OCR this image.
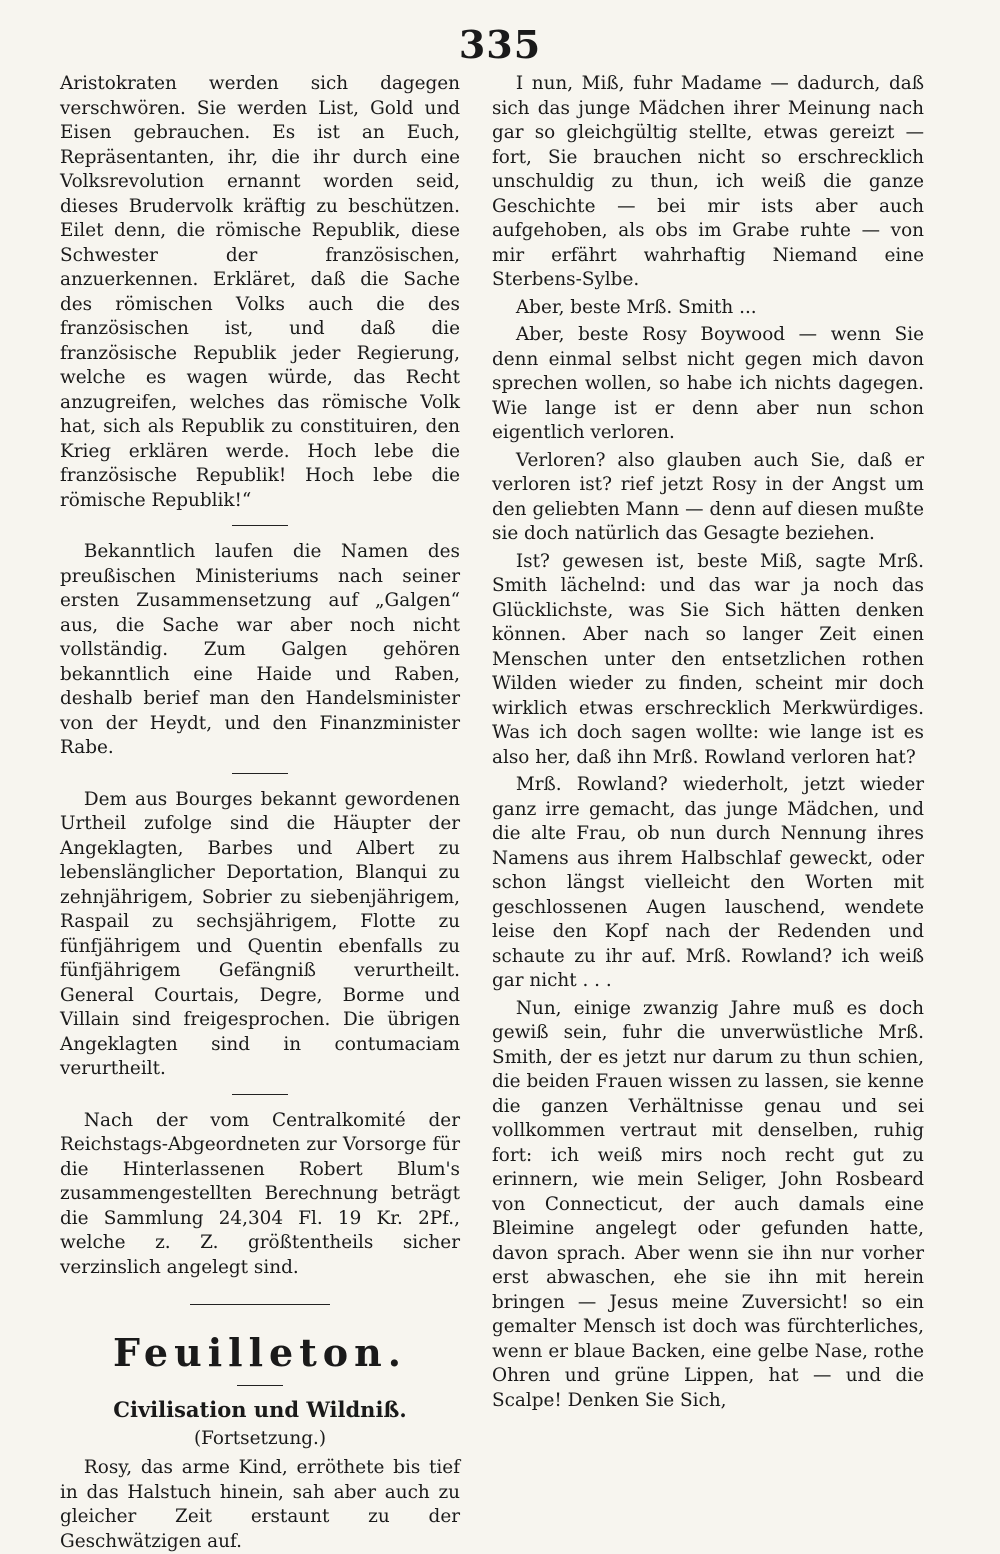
335

Aristokraten werden sich dagegen verschwören. Sie werden List, Gold und Eisen gebrauchen. Es ist an Euch, Repräsentanten, ihr, die ihr durch eine Volksrevolution ernannt worden seid, dieses Brudervolk kräftig zu beschützen. Eilet denn, die römische Republik, diese Schwester der französischen, anzuerkennen. Erkläret, daß die Sache des römischen Volks auch die des französischen ist, und daß die französische Republik jeder Regierung, welche es wagen würde, das Recht anzugreifen, welches das römische Volk hat, sich als Republik zu constituiren, den Krieg erklären werde. Hoch lebe die französische Republik! Hoch lebe die römische Republik!“

Bekanntlich laufen die Namen des preußischen Ministeriums nach seiner ersten Zusammensetzung auf „Galgen“ aus, die Sache war aber noch nicht vollständig. Zum Galgen gehören bekanntlich eine Haide und Raben, deshalb berief man den Handelsminister von der Heydt, und den Finanzminister Rabe.

Dem aus Bourges bekannt gewordenen Urtheil zufolge sind die Häupter der Angeklagten, Barbes und Albert zu lebenslänglicher Deportation, Blanqui zu zehnjährigem, Sobrier zu siebenjährigem, Raspail zu sechsjährigem, Flotte zu fünfjährigem und Quentin ebenfalls zu fünfjährigem Gefängniß verurtheilt. General Courtais, Degre, Borme und Villain sind freigesprochen. Die übrigen Angeklagten sind in contumaciam verurtheilt.

Nach der vom Centralkomité der Reichstags-Abgeordneten zur Vorsorge für die Hinterlassenen Robert Blum's zusammengestellten Berechnung beträgt die Sammlung 24,304 Fl. 19 Kr. 2Pf., welche z. Z. größtentheils sicher verzinslich angelegt sind.

Feuilleton.
Civilisation und Wildniß.
(Fortsetzung.)

Rosy, das arme Kind, erröthete bis tief in das Halstuch hinein, sah aber auch zu gleicher Zeit erstaunt zu der Geschwätzigen auf.

I nun, Miß, fuhr Madame — dadurch, daß sich das junge Mädchen ihrer Meinung nach gar so gleichgültig stellte, etwas gereizt — fort, Sie brauchen nicht so erschrecklich unschuldig zu thun, ich weiß die ganze Geschichte — bei mir ists aber auch aufgehoben, als obs im Grabe ruhte — von mir erfährt wahrhaftig Niemand eine Sterbens-Sylbe.

Aber, beste Mrß. Smith ...

Aber, beste Rosy Boywood — wenn Sie denn einmal selbst nicht gegen mich davon sprechen wollen, so habe ich nichts dagegen. Wie lange ist er denn aber nun schon eigentlich verloren.

Verloren? also glauben auch Sie, daß er verloren ist? rief jetzt Rosy in der Angst um den geliebten Mann — denn auf diesen mußte sie doch natürlich das Gesagte beziehen.

Ist? gewesen ist, beste Miß, sagte Mrß. Smith lächelnd: und das war ja noch das Glücklichste, was Sie Sich hätten denken können. Aber nach so langer Zeit einen Menschen unter den entsetzlichen rothen Wilden wieder zu finden, scheint mir doch wirklich etwas erschrecklich Merkwürdiges. Was ich doch sagen wollte: wie lange ist es also her, daß ihn Mrß. Rowland verloren hat?

Mrß. Rowland? wiederholt, jetzt wieder ganz irre gemacht, das junge Mädchen, und die alte Frau, ob nun durch Nennung ihres Namens aus ihrem Halbschlaf geweckt, oder schon längst vielleicht den Worten mit geschlossenen Augen lauschend, wendete leise den Kopf nach der Redenden und schaute zu ihr auf. Mrß. Rowland? ich weiß gar nicht . . .

Nun, einige zwanzig Jahre muß es doch gewiß sein, fuhr die unverwüstliche Mrß. Smith, der es jetzt nur darum zu thun schien, die beiden Frauen wissen zu lassen, sie kenne die ganzen Verhältnisse genau und sei vollkommen vertraut mit denselben, ruhig fort: ich weiß mirs noch recht gut zu erinnern, wie mein Seliger, John Rosbeard von Connecticut, der auch damals eine Bleimine angelegt oder gefunden hatte, davon sprach. Aber wenn sie ihn nur vorher erst abwaschen, ehe sie ihn mit herein bringen — Jesus meine Zuversicht! so ein gemalter Mensch ist doch was fürchterliches, wenn er blaue Backen, eine gelbe Nase, rothe Ohren und grüne Lippen, hat — und die Scalpe! Denken Sie Sich,
